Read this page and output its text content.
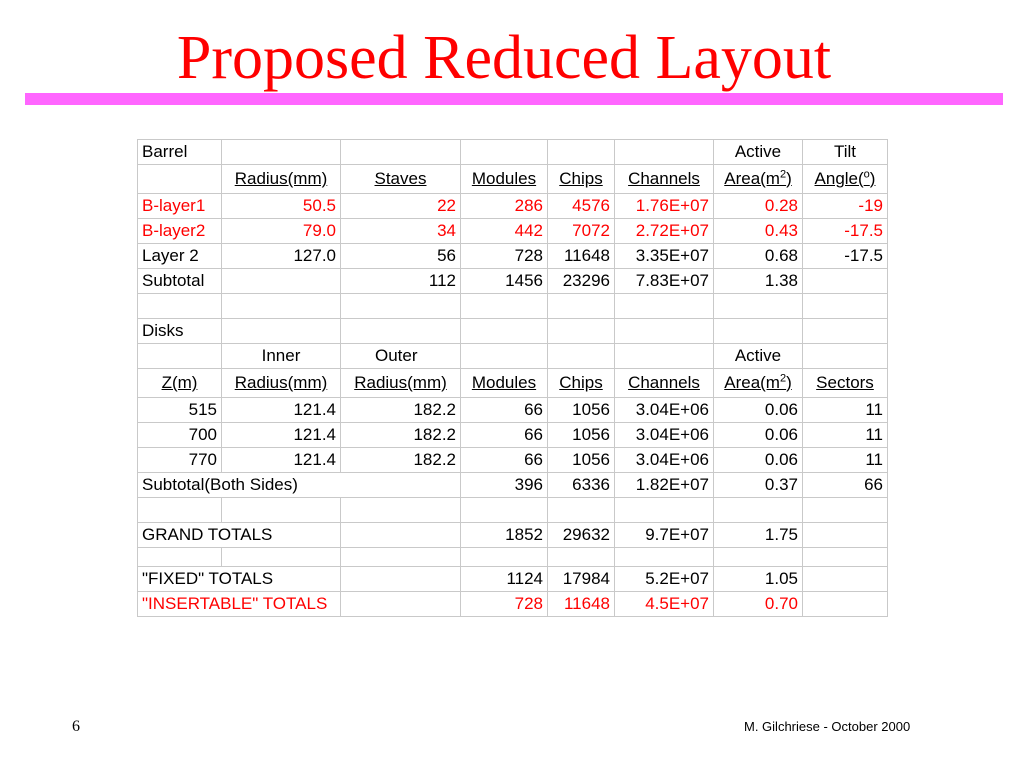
Proposed Reduced Layout
Barrel						Active	Tilt
	Radius(mm)	Staves	Modules	Chips	Channels	$Area(m^2)$	Angle($^o$)
B-layer1	50.5	22	286	4576	1.76E+07	0.28	-19
B-layer2	79.0	34	442	7072	2.72E+07	0.43	-17.5
Layer 2	127.0	56	728	11648	3.35E+07	0.68	-17.5
Subtotal		112	1456	23296	7.83E+07	1.38	

Disks							
	Inner	Outer				Active	
Z(m)	Radius(mm)	Radius(mm)	Modules	Chips	Channels	$Area(m^2)$	Sectors
515	121.4	182.2	66	1056	3.04E+06	0.06	11
700	121.4	182.2	66	1056	3.04E+06	0.06	11
770	121.4	182.2	66	1056	3.04E+06	0.06	11
Subtotal(Both Sides)			396	6336	1.82E+07	0.37	66

GRAND TOTALS			1852	29632	9.7E+07	1.75	

"FIXED" TOTALS			1124	17984	5.2E+07	1.05	
"INSERTABLE" TOTALS			728	11648	4.5E+07	0.70	
6	M. Gilchriese - October 2000
